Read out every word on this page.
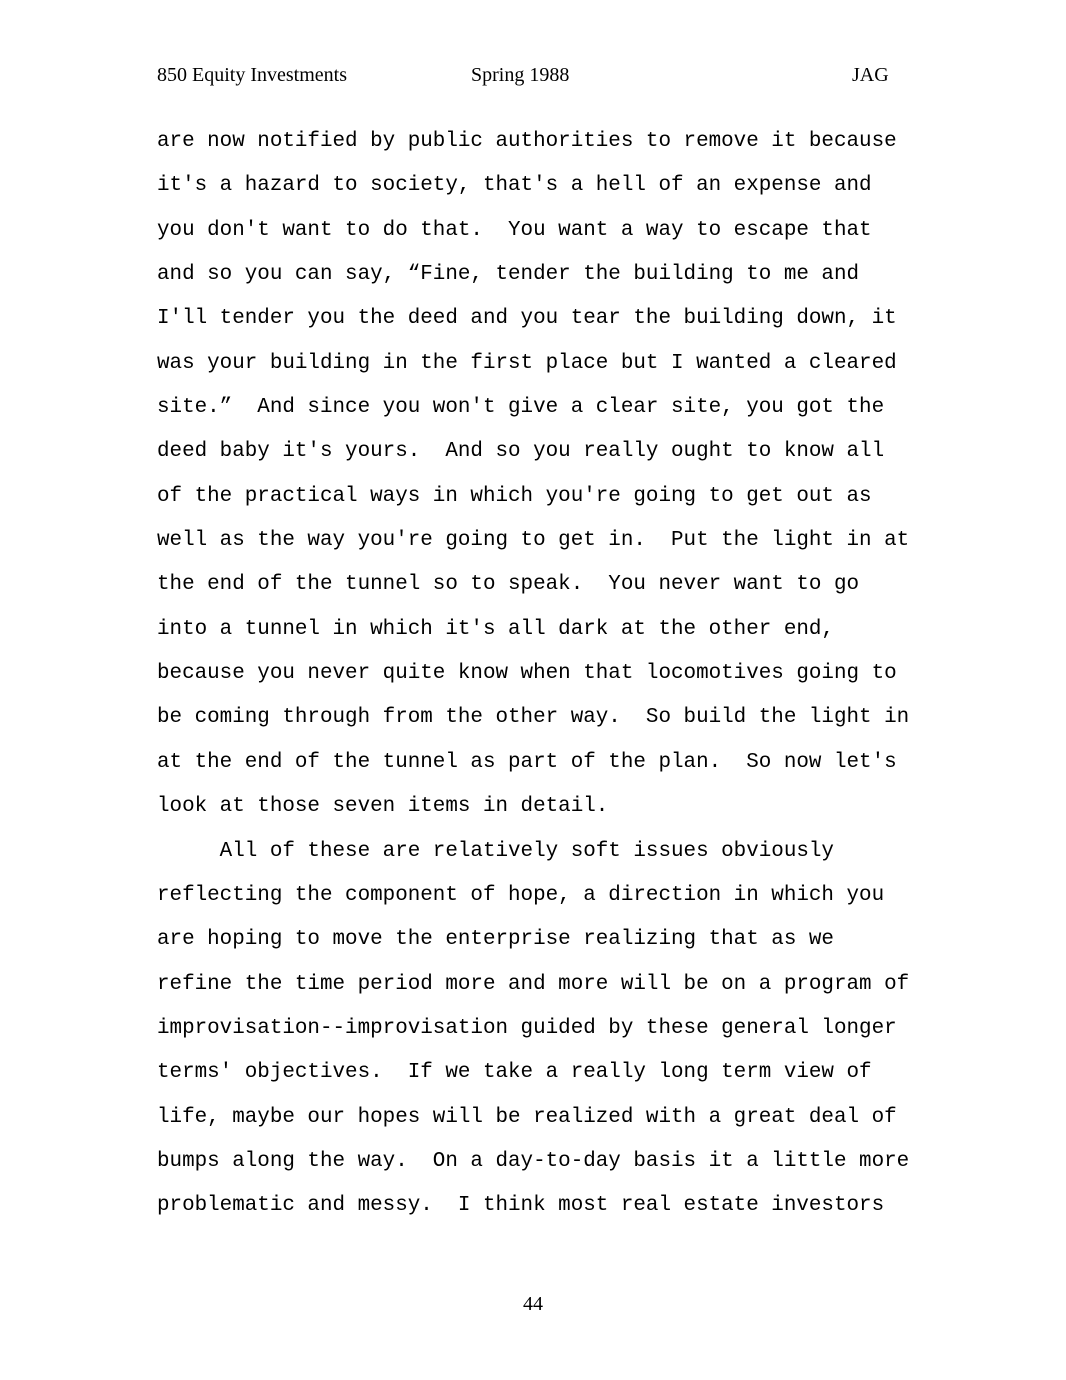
850 Equity Investments	Spring 1988	JAG
are now notified by public authorities to remove it because
it's a hazard to society, that's a hell of an expense and
you don't want to do that.  You want a way to escape that
and so you can say, “Fine, tender the building to me and
I'll tender you the deed and you tear the building down, it
was your building in the first place but I wanted a cleared
site.”  And since you won't give a clear site, you got the
deed baby it's yours.  And so you really ought to know all
of the practical ways in which you're going to get out as
well as the way you're going to get in.  Put the light in at
the end of the tunnel so to speak.  You never want to go
into a tunnel in which it's all dark at the other end,
because you never quite know when that locomotives going to
be coming through from the other way.  So build the light in
at the end of the tunnel as part of the plan.  So now let's
look at those seven items in detail.
All of these are relatively soft issues obviously
reflecting the component of hope, a direction in which you
are hoping to move the enterprise realizing that as we
refine the time period more and more will be on a program of
improvisation--improvisation guided by these general longer
terms' objectives.  If we take a really long term view of
life, maybe our hopes will be realized with a great deal of
bumps along the way.  On a day-to-day basis it a little more
problematic and messy.  I think most real estate investors
44
